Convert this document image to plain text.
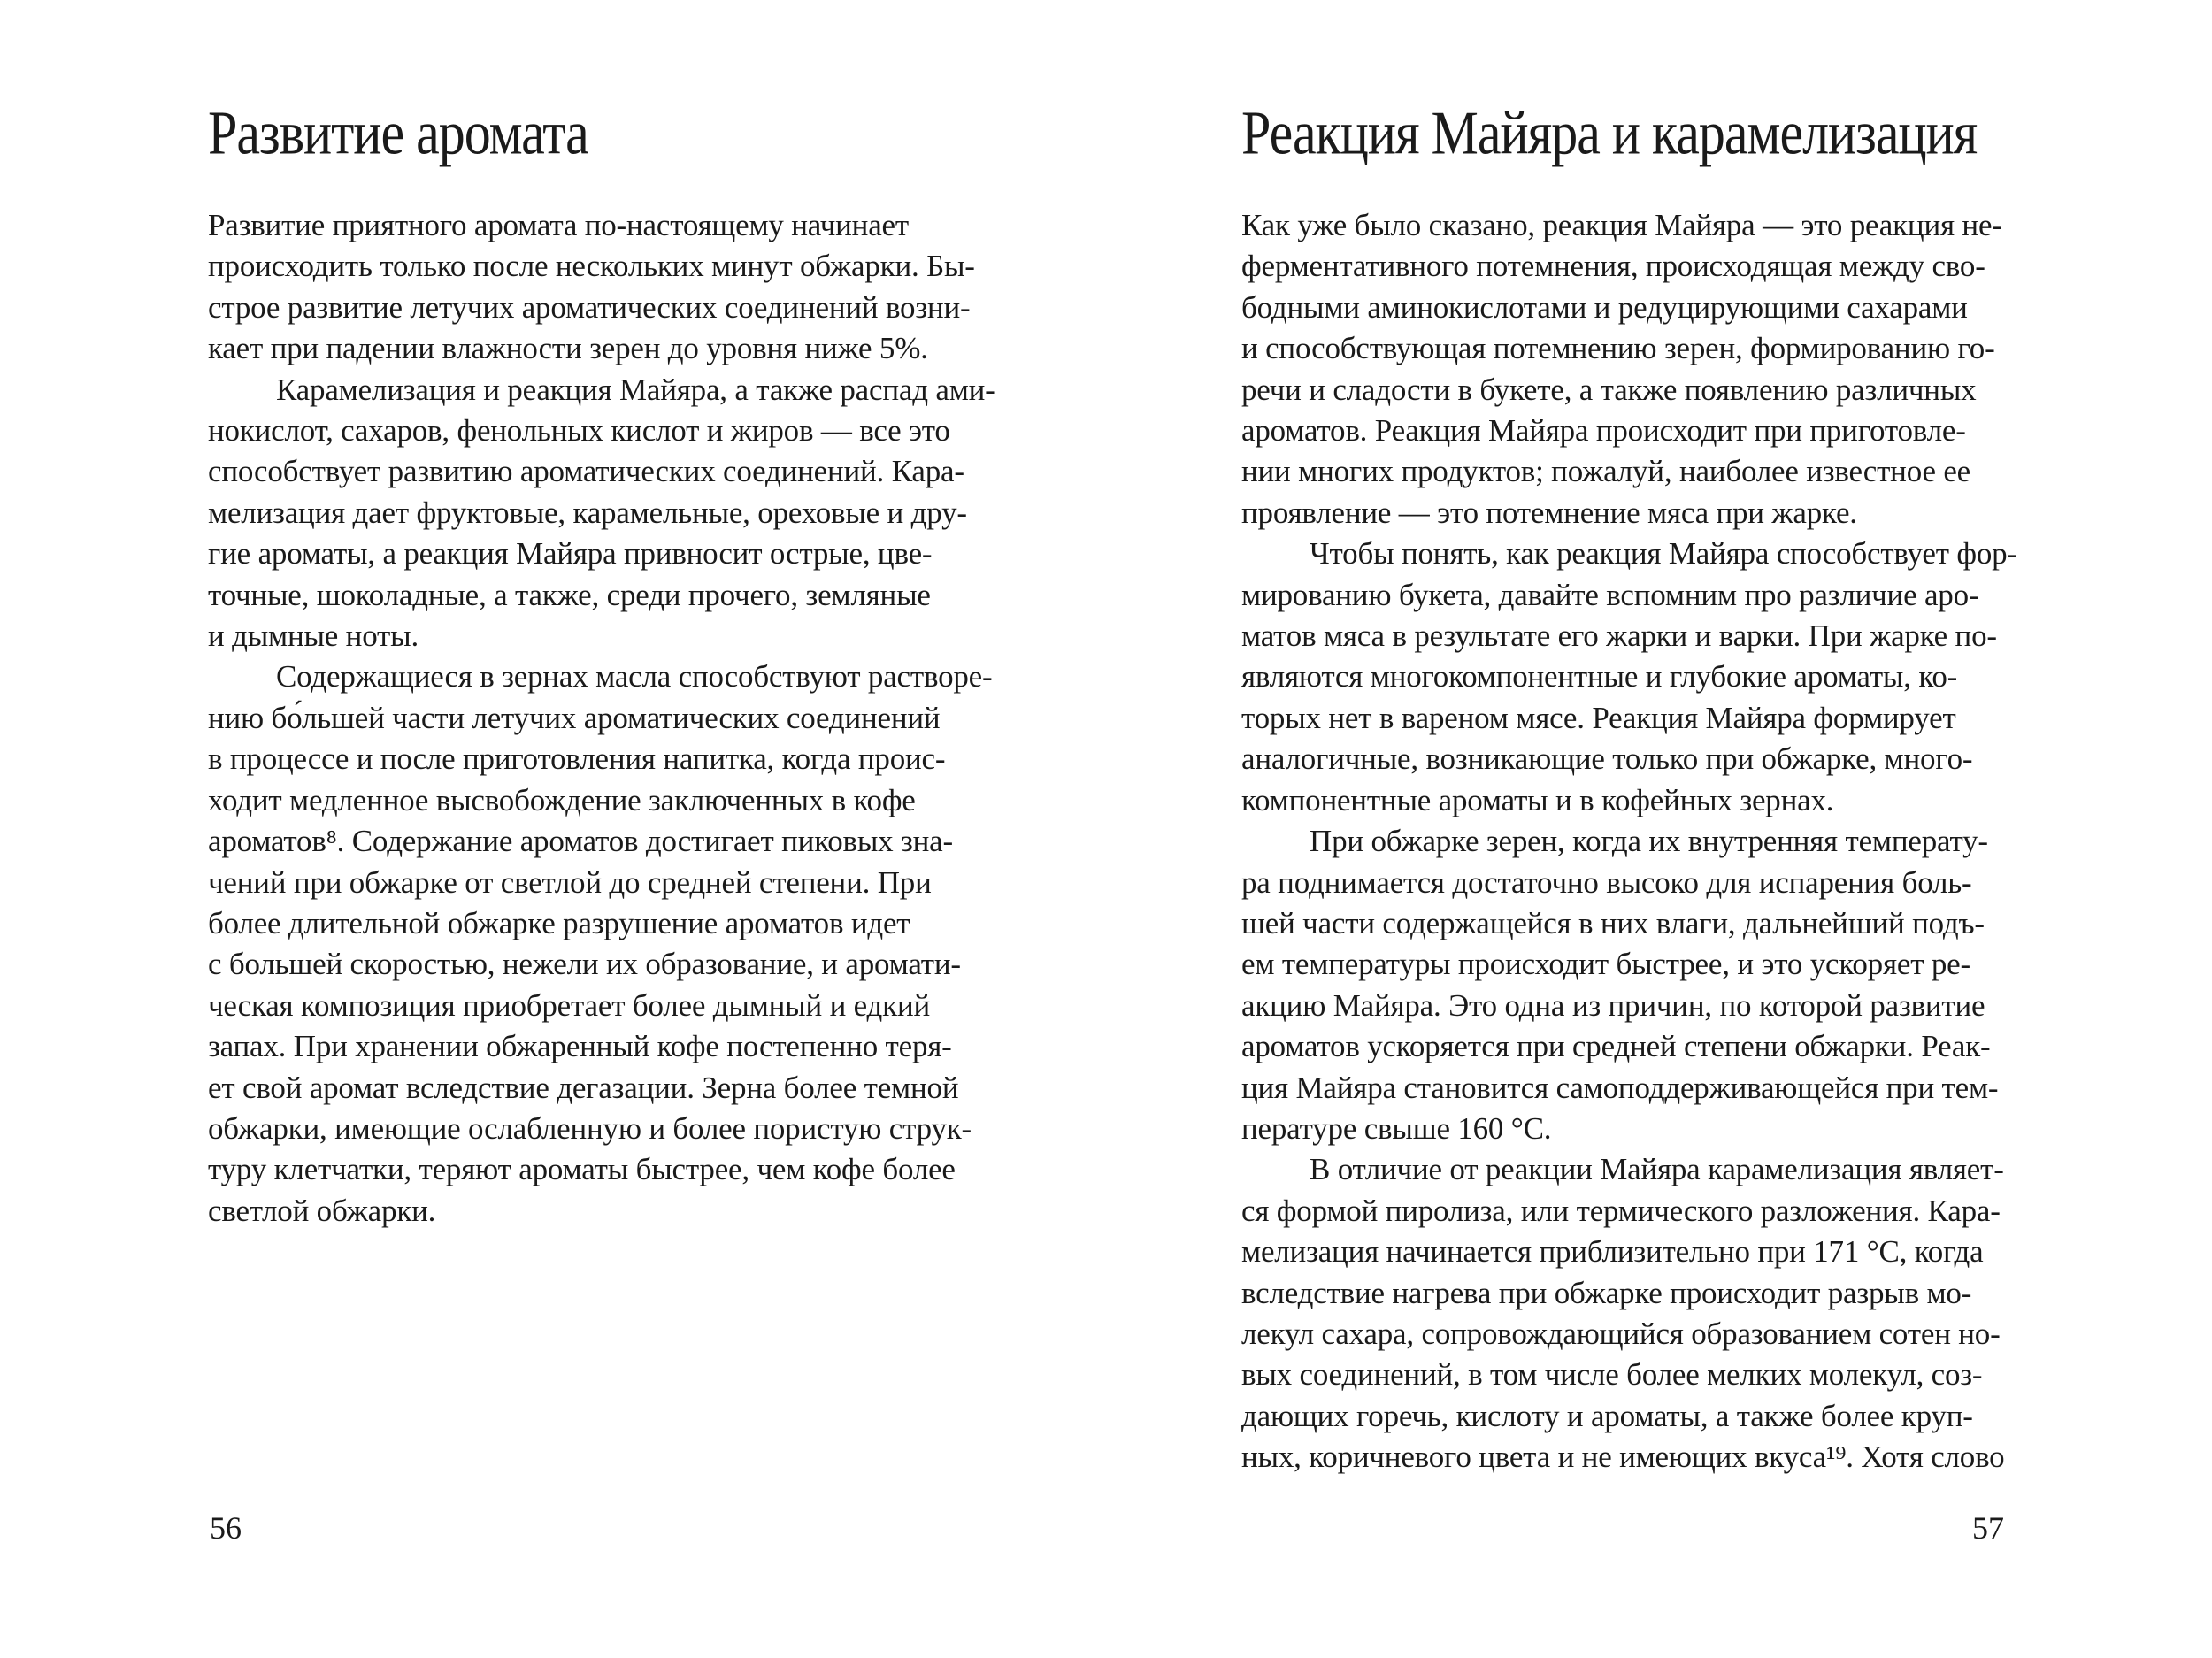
Развитие аромата
Развитие приятного аромата по-настоящему начинает
происходить только после нескольких минут обжарки. Бы-
строе развитие летучих ароматических соединений возни-
кает при падении влажности зерен до уровня ниже 5%.
Карамелизация и реакция Майяра, а также распад ами-
нокислот, сахаров, фенольных кислот и жиров — все это
способствует развитию ароматических соединений. Кара-
мелизация дает фруктовые, карамельные, ореховые и дру-
гие ароматы, а реакция Майяра привносит острые, цве-
точные, шоколадные, а также, среди прочего, земляные
и дымные ноты.
Содержащиеся в зернах масла способствуют растворе-
нию бо́льшей части летучих ароматических соединений
в процессе и после приготовления напитка, когда проис-
ходит медленное высвобождение заключенных в кофе
ароматов⁸. Содержание ароматов достигает пиковых зна-
чений при обжарке от светлой до средней степени. При
более длительной обжарке разрушение ароматов идет
с большей скоростью, нежели их образование, и аромати-
ческая композиция приобретает более дымный и едкий
запах. При хранении обжаренный кофе постепенно теря-
ет свой аромат вследствие дегазации. Зерна более темной
обжарки, имеющие ослабленную и более пористую струк-
туру клетчатки, теряют ароматы быстрее, чем кофе более
светлой обжарки.
56
Реакция Майяра и карамелизация
Как уже было сказано, реакция Майяра — это реакция не-
ферментативного потемнения, происходящая между сво-
бодными аминокислотами и редуцирующими сахарами
и способствующая потемнению зерен, формированию го-
речи и сладости в букете, а также появлению различных
ароматов. Реакция Майяра происходит при приготовле-
нии многих продуктов; пожалуй, наиболее известное ее
проявление — это потемнение мяса при жарке.
Чтобы понять, как реакция Майяра способствует фор-
мированию букета, давайте вспомним про различие аро-
матов мяса в результате его жарки и варки. При жарке по-
являются многокомпонентные и глубокие ароматы, ко-
торых нет в вареном мясе. Реакция Майяра формирует
аналогичные, возникающие только при обжарке, много-
компонентные ароматы и в кофейных зернах.
При обжарке зерен, когда их внутренняя температу-
ра поднимается достаточно высоко для испарения боль-
шей части содержащейся в них влаги, дальнейший подъ-
ем температуры происходит быстрее, и это ускоряет ре-
акцию Майяра. Это одна из причин, по которой развитие
ароматов ускоряется при средней степени обжарки. Реак-
ция Майяра становится самоподдерживающейся при тем-
пературе свыше 160 °C.
В отличие от реакции Майяра карамелизация являет-
ся формой пиролиза, или термического разложения. Кара-
мелизация начинается приблизительно при 171 °C, когда
вследствие нагрева при обжарке происходит разрыв мо-
лекул сахара, сопровождающийся образованием сотен но-
вых соединений, в том числе более мелких молекул, соз-
дающих горечь, кислоту и ароматы, а также более круп-
ных, коричневого цвета и не имеющих вкуса¹⁹. Хотя слово
57
